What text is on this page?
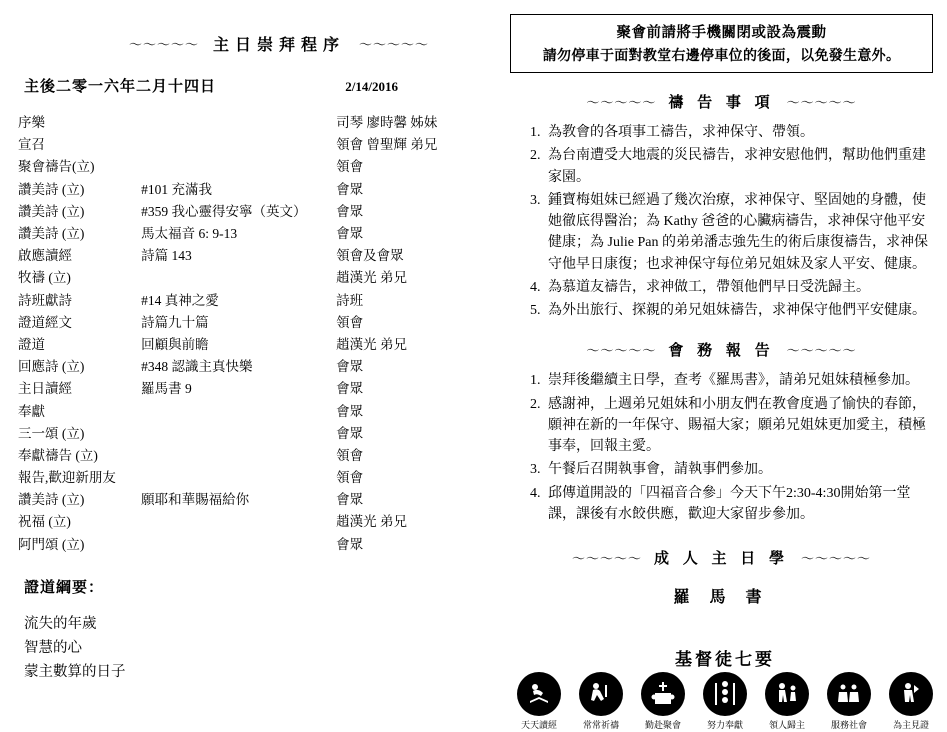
〜〜〜〜〜 主日崇拜程序 〜〜〜〜〜
主後二零一六年二月十四日	2/14/2016
序樂		司琴 廖時馨 姊妹
宣召		領會 曾聖輝 弟兄
聚會禱告(立)		領會
讚美詩 (立)	#101 充滿我	會眾
讚美詩 (立)	#359 我心靈得安寧（英文）	會眾
讚美詩 (立)	馬太福音 6: 9-13	會眾
啟應讀經	詩篇 143	領會及會眾
牧禱 (立)		趙漢光 弟兄
詩班獻詩	#14 真神之愛	詩班
證道經文	詩篇九十篇	領會
證道	回顧與前瞻	趙漢光 弟兄
回應詩 (立)	#348 認識主真快樂	會眾
主日讀經	羅馬書 9	會眾
奉獻		會眾
三一頌 (立)		會眾
奉獻禱告 (立)		領會
報告,歡迎新朋友		領會
讚美詩 (立)	願耶和華賜福給你	會眾
祝福 (立)		趙漢光 弟兄
阿門頌 (立)		會眾
證道綱要：
流失的年歲
智慧的心
蒙主數算的日子
聚會前請將手機關閉或設為震動
請勿停車于面對教堂右邊停車位的後面，以免發生意外。
〜〜〜〜〜 禱 告 事 項 〜〜〜〜〜
1. 為教會的各項事工禱告，求神保守、帶領。
2. 為台南遭受大地震的災民禱告，求神安慰他們，幫助他們重建家園。
3. 鍾寶梅姐妹已經過了幾次治療，求神保守、堅固她的身體，使她徹底得醫治；為 Kathy 爸爸的心臟病禱告，求神保守他平安健康；為 Julie Pan 的弟弟潘志強先生的術后康復禱告，求神保守他早日康復；也求神保守每位弟兄姐妹及家人平安、健康。
4. 為慕道友禱告，求神做工，帶領他們早日受洗歸主。
5. 為外出旅行、探親的弟兄姐妹禱告，求神保守他們平安健康。
〜〜〜〜〜 會 務 報 告 〜〜〜〜〜
1. 崇拜後繼續主日學，查考《羅馬書》，請弟兄姐妹積極參加。
2. 感謝神，上週弟兄姐妹和小朋友們在教會度過了愉快的春節，願神在新的一年保守、賜福大家；願弟兄姐妹更加愛主，積極事奉，回報主愛。
3. 午餐后召開執事會，請執事們參加。
4. 邱傳道開設的「四福音合參」今天下午2:30-4:30開始第一堂課，課後有水餃供應，歡迎大家留步參加。
〜〜〜〜〜 成 人 主 日 學 〜〜〜〜〜
羅 馬 書
基督徒七要
天天讀經	常常祈禱	勤赴聚會	努力奉獻	領人歸主	服務社會	為主見證
